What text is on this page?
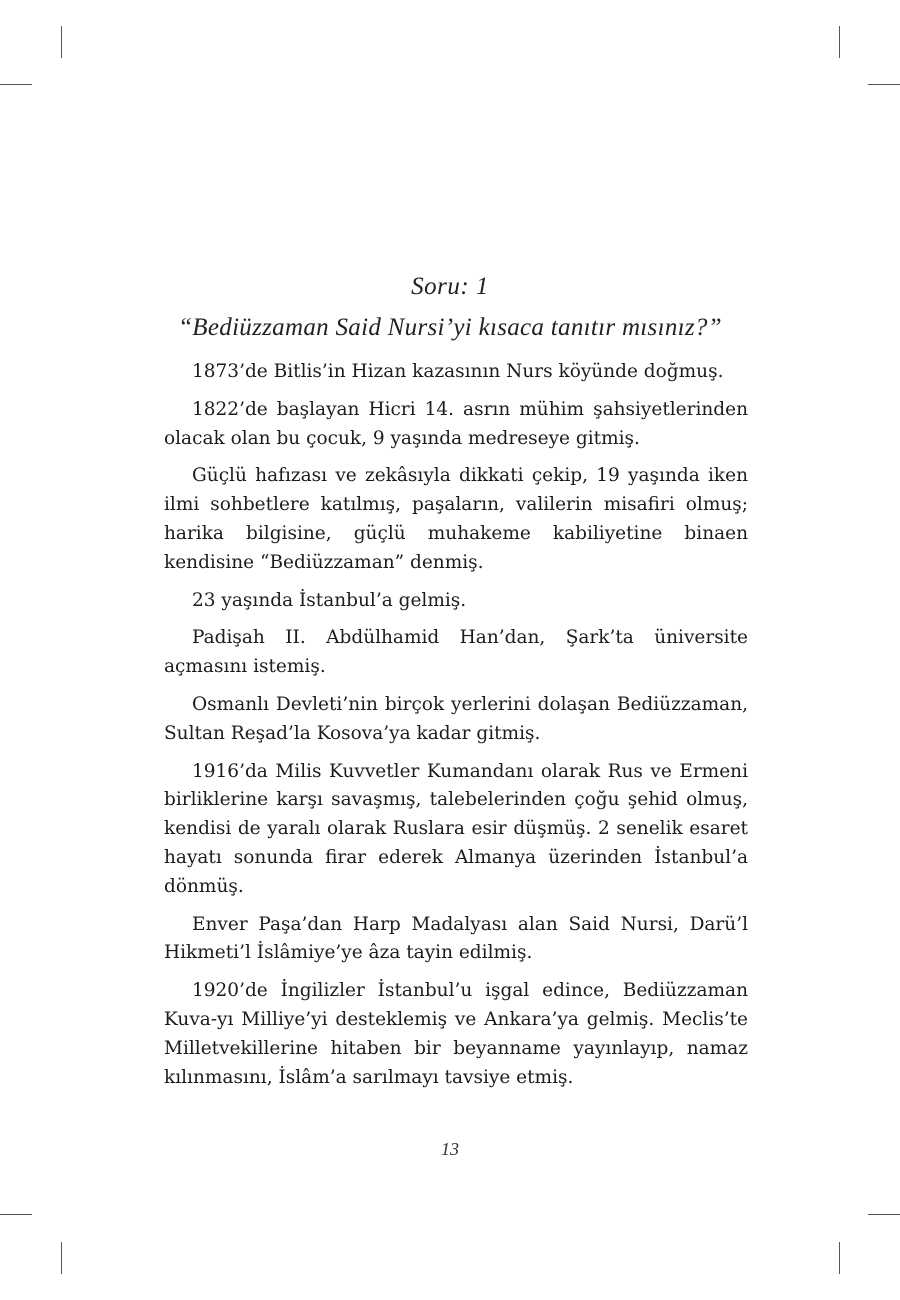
Soru: 1
“Bediüzzaman Said Nursi’yi kısaca tanıtır mısınız?”

1873’de Bitlis’in Hizan kazasının Nurs köyünde doğmuş.

1822’de başlayan Hicri 14. asrın mühim şahsiyetlerinden olacak olan bu çocuk, 9 yaşında medreseye gitmiş.

Güçlü hafızası ve zekâsıyla dikkati çekip, 19 yaşında iken ilmi sohbetlere katılmış, paşaların, valilerin misafiri olmuş; harika bilgisine, güçlü muhakeme kabiliyetine binaen kendisine “Bediüzzaman” denmiş.

23 yaşında İstanbul’a gelmiş.

Padişah II. Abdülhamid Han’dan, Şark’ta üniversite açmasını istemiş.

Osmanlı Devleti’nin birçok yerlerini dolaşan Bediüzzaman, Sultan Reşad’la Kosova’ya kadar gitmiş.

1916’da Milis Kuvvetler Kumandanı olarak Rus ve Ermeni birliklerine karşı savaşmış, talebelerinden çoğu şehid olmuş, kendisi de yaralı olarak Ruslara esir düşmüş. 2 senelik esaret hayatı sonunda firar ederek Almanya üzerinden İstanbul’a dönmüş.

Enver Paşa’dan Harp Madalyası alan Said Nursi, Darü’l Hikmeti’l İslâmiye’ye âza tayin edilmiş.

1920’de İngilizler İstanbul’u işgal edince, Bediüzzaman Kuva-yı Milliye’yi desteklemiş ve Ankara’ya gelmiş. Meclis’te Milletvekillerine hitaben bir beyanname yayınlayıp, namaz kılınmasını, İslâm’a sarılmayı tavsiye etmiş.

13
